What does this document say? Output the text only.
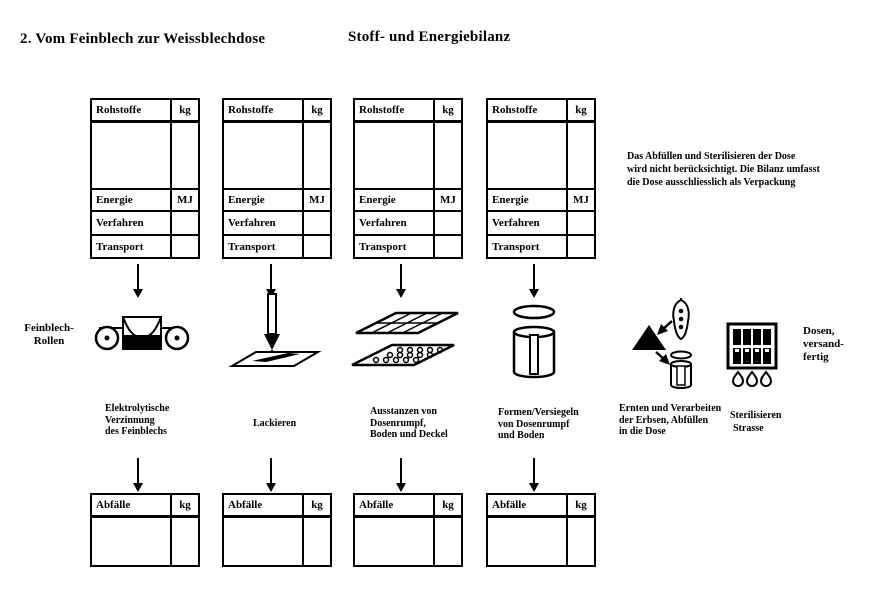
2. Vom Feinblech zur Weissblechdose	Stoff- und Energiebilanz
Das Abfüllen und Sterilisieren der Dose
wird nicht berücksichtigt. Die Bilanz umfasst
die Dose ausschliesslich als Verpackung
Rohstoffe	kg

Energie	MJ
Verfahren	
Transport	
Rohstoffe	kg

Energie	MJ
Verfahren	
Transport	
Rohstoffe	kg

Energie	MJ
Verfahren	
Transport	
Rohstoffe	kg

Energie	MJ
Verfahren	
Transport	
Feinblech-
Rollen
Dosen,
versand-
fertig
Elektrolytische
Verzinnung
des Feinblechs
Lackieren
Ausstanzen von
Dosenrumpf,
Boden und Deckel
Formen/Versiegeln
von Dosenrumpf
und Boden
Ernten und Verarbeiten
der Erbsen, Abfüllen
in die Dose
Sterilisieren
Strasse
Abfälle	kg
		Abfälle	kg
		Abfälle	kg
		Abfälle	kg
